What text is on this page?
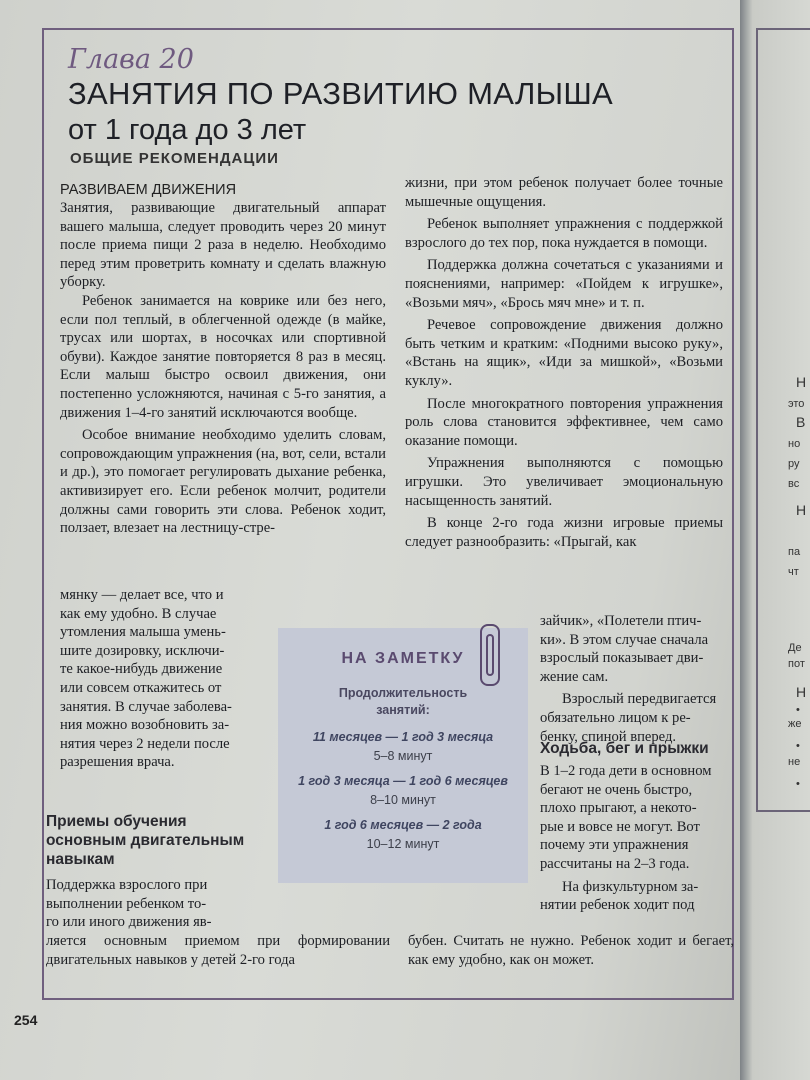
Глава 20
ЗАНЯТИЯ ПО РАЗВИТИЮ МАЛЫША
от 1 года до 3 лет
ОБЩИЕ РЕКОМЕНДАЦИИ
РАЗВИВАЕМ ДВИЖЕНИЯ

Занятия, развивающие двигательный аппарат вашего малыша, следует проводить через 20 минут после приема пищи 2 раза в неделю. Необходимо перед этим проветрить комнату и сделать влажную уборку.

Ребенок занимается на коврике или без него, если пол теплый, в облегченной одежде (в майке, трусах или шортах, в носочках или спортивной обуви). Каждое занятие повторяется 8 раз в месяц. Если малыш быстро освоил движения, они постепенно усложняются, начиная с 5-го занятия, а движения 1–4-го занятий исключаются вообще.

Особое внимание необходимо уделить словам, сопровождающим упражнения (на, вот, сели, встали и др.), это помогает регулировать дыхание ребенка, активизирует его. Если ребенок молчит, родители должны сами говорить эти слова. Ребенок ходит, ползает, влезает на лестницу-стре-

мянку — делает все, что и

как ему удобно. В случае

утомления малыша умень-

шите дозировку, исключи-

те какое-нибудь движение

или совсем откажитесь от

занятия. В случае заболева-

ния можно возобновить за-

нятия через 2 недели после

разрешения врача.

Приемы обучения основным двигательным навыкам

Поддержка взрослого при

выполнении ребенком то-

го или иного движения яв-

ляется основным приемом при формировании двигательных навыков у детей 2-го года

жизни, при этом ребенок получает более точные мышечные ощущения.

Ребенок выполняет упражнения с поддержкой взрослого до тех пор, пока нуждается в помощи.

Поддержка должна сочетаться с указаниями и пояснениями, например: «Пойдем к игрушке», «Возьми мяч», «Брось мяч мне» и т. п.

Речевое сопровождение движения должно быть четким и кратким: «Подними высоко руку», «Встань на ящик», «Иди за мишкой», «Возьми куклу».

После многократного повторения упражнения роль слова становится эффективнее, чем само оказание помощи.

Упражнения выполняются с помощью игрушки. Это увеличивает эмоциональную насыщенность занятий.

В конце 2-го года жизни игровые приемы следует разнообразить: «Прыгай, как

зайчик», «Полетели птич-

ки». В этом случае сначала

взрослый показывает дви-

жение сам.

Взрослый передвигается

обязательно лицом к ре-

бенку, спиной вперед.

Ходьба, бег и прыжки

В 1–2 года дети в основном

бегают не очень быстро,

плохо прыгают, а некото-

рые и вовсе не могут. Вот

почему эти упражнения

рассчитаны на 2–3 года.

На физкультурном за-

нятии ребенок ходит под

бубен. Считать не нужно. Ребенок ходит и бегает, как ему удобно, как он может.

НА ЗАМЕТКУ
Продолжительность
занятий:
11 месяцев — 1 год 3 месяца
5–8 минут
1 год 3 месяца — 1 год 6 месяцев
8–10 минут
1 год 6 месяцев — 2 года
10–12 минут
254
Н
это
В
но
ру
вс
Н
па
чт
Де
пот
Н
•
же
•
не
•
